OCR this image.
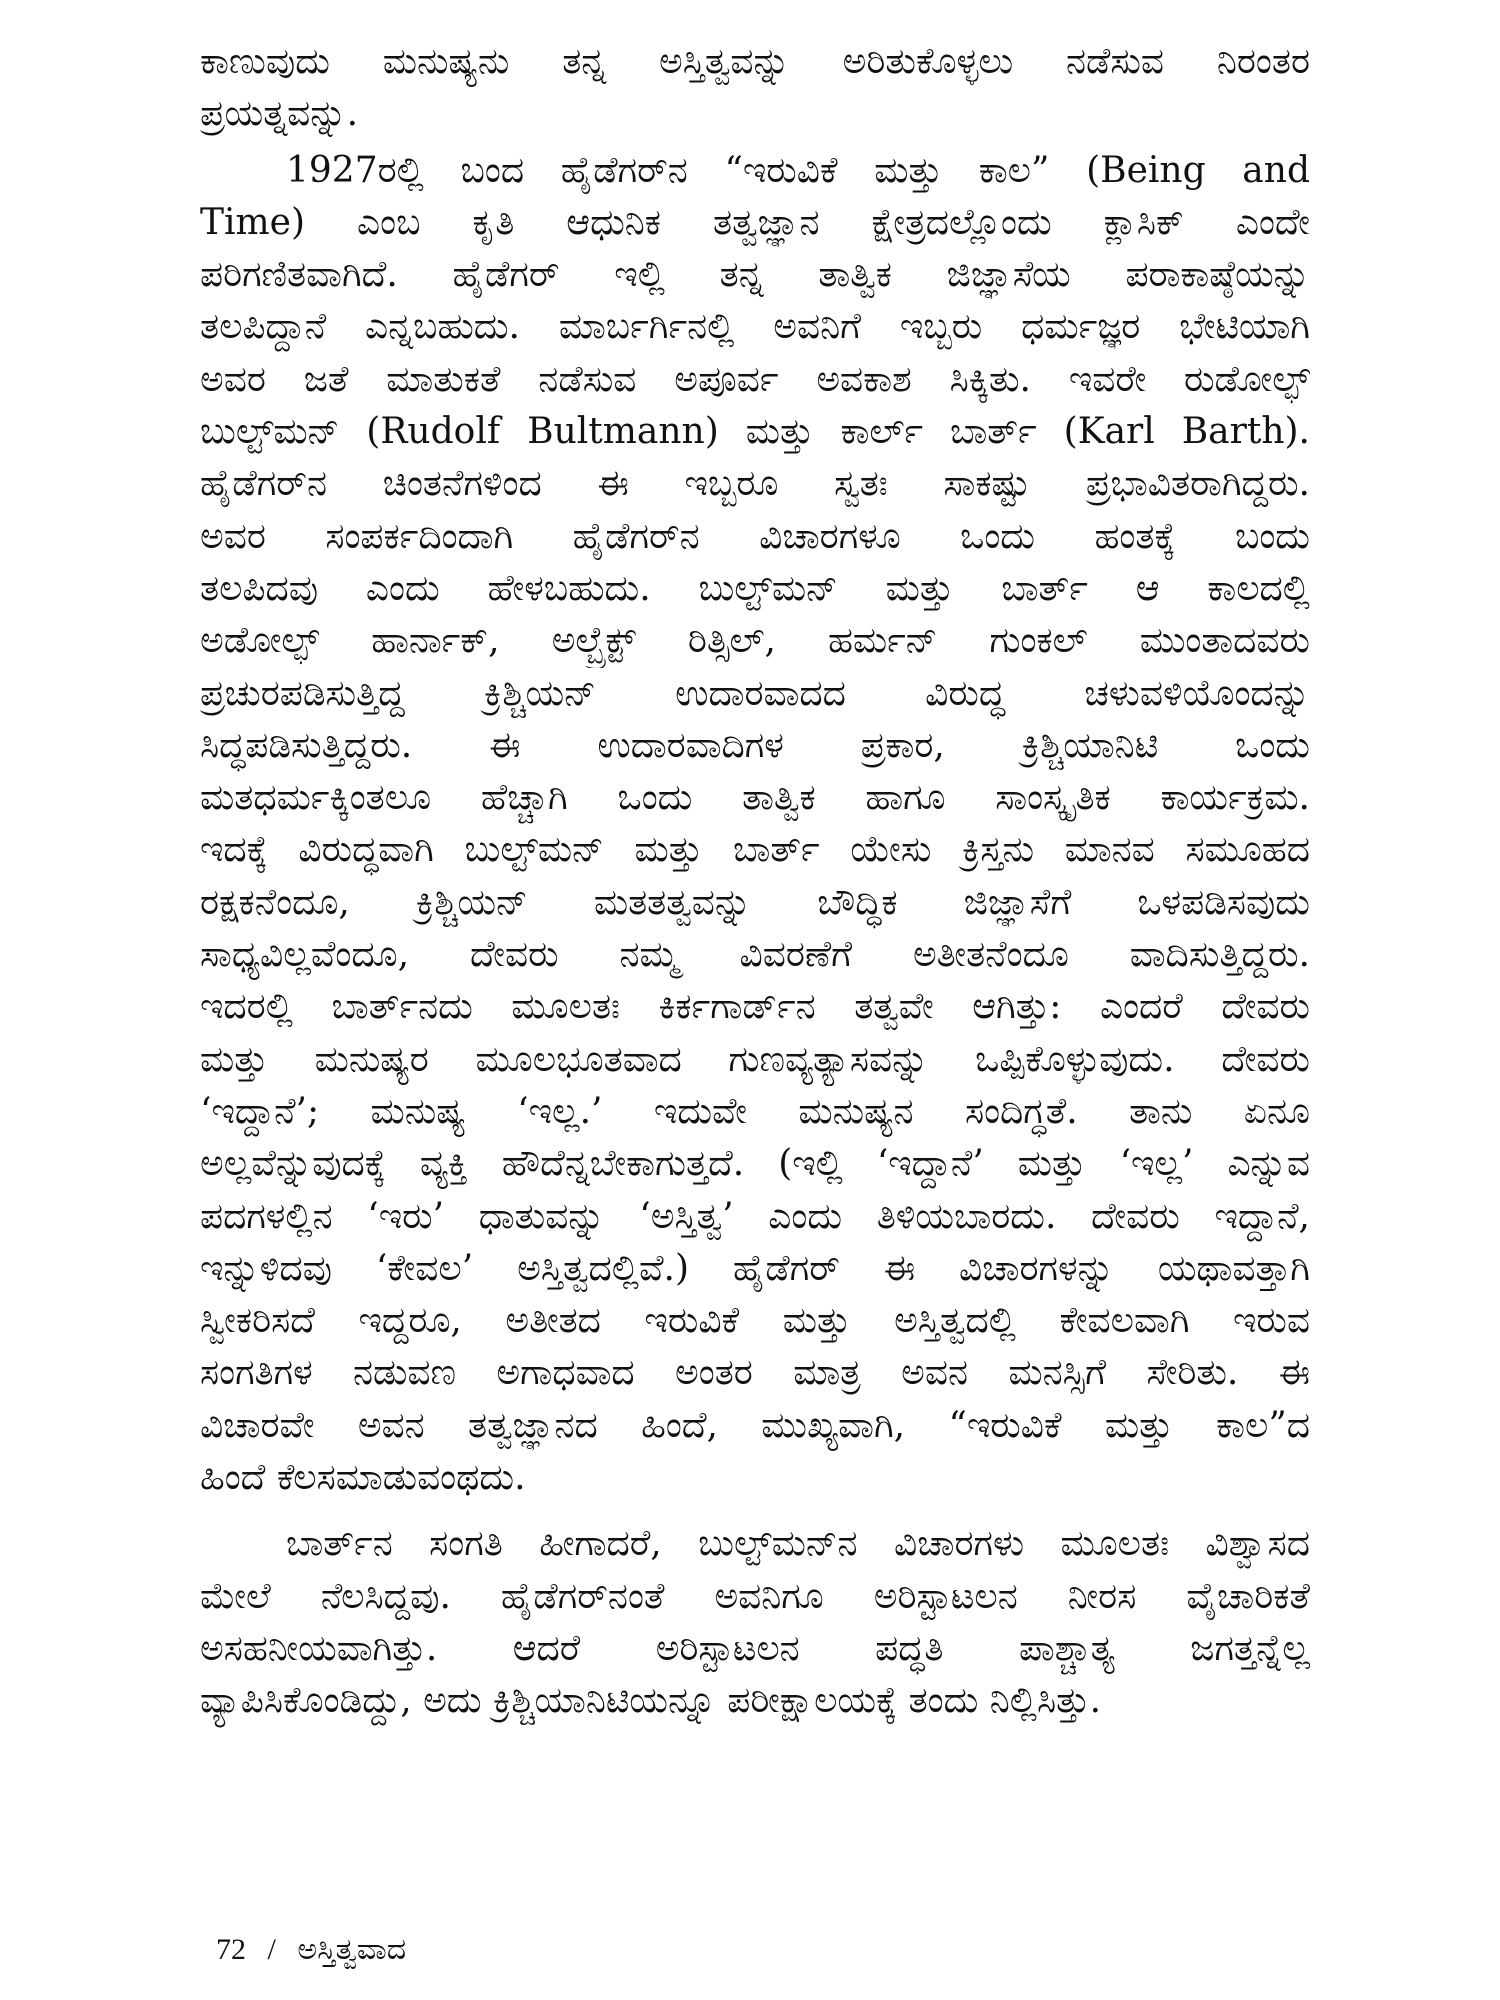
ಕಾಣುವುದು ಮನುಷ್ಯನು ತನ್ನ ಅಸ್ತಿತ್ವವನ್ನು ಅರಿತುಕೊಳ್ಳಲು ನಡೆಸುವ ನಿರಂತರ
ಪ್ರಯತ್ನವನ್ನು.

1927ರಲ್ಲಿ ಬಂದ ಹೈಡೆಗರ್‌ನ “ಇರುವಿಕೆ ಮತ್ತು ಕಾಲ” (Being and
Time) ಎಂಬ ಕೃತಿ ಆಧುನಿಕ ತತ್ವಜ್ಞಾನ ಕ್ಷೇತ್ರದಲ್ಲೊಂದು ಕ್ಲಾಸಿಕ್ ಎಂದೇ
ಪರಿಗಣಿತವಾಗಿದೆ. ಹೈಡೆಗರ್ ಇಲ್ಲಿ ತನ್ನ ತಾತ್ವಿಕ ಜಿಜ್ಞಾಸೆಯ ಪರಾಕಾಷ್ಠೆಯನ್ನು
ತಲಪಿದ್ದಾನೆ ಎನ್ನಬಹುದು. ಮಾರ್ಬರ್ಗಿನಲ್ಲಿ ಅವನಿಗೆ ಇಬ್ಬರು ಧರ್ಮಜ್ಞರ ಭೇಟಿಯಾಗಿ
ಅವರ ಜತೆ ಮಾತುಕತೆ ನಡೆಸುವ ಅಪೂರ್ವ ಅವಕಾಶ ಸಿಕ್ಕಿತು. ಇವರೇ ರುಡೋಲ್ಫ್
ಬುಲ್ಟ್‌ಮನ್ (Rudolf Bultmann) ಮತ್ತು ಕಾರ್ಲ್ ಬಾರ್ತ್ (Karl Barth).
ಹೈಡೆಗರ್‌ನ ಚಿಂತನೆಗಳಿಂದ ಈ ಇಬ್ಬರೂ ಸ್ವತಃ ಸಾಕಷ್ಟು ಪ್ರಭಾವಿತರಾಗಿದ್ದರು.
ಅವರ ಸಂಪರ್ಕದಿಂದಾಗಿ ಹೈಡೆಗರ್‌ನ ವಿಚಾರಗಳೂ ಒಂದು ಹಂತಕ್ಕೆ ಬಂದು
ತಲಪಿದವು ಎಂದು ಹೇಳಬಹುದು. ಬುಲ್ಟ್‌ಮನ್ ಮತ್ತು ಬಾರ್ತ್ ಆ ಕಾಲದಲ್ಲಿ
ಅಡೋಲ್ಫ್ ಹಾರ್ನಾಕ್, ಅಲ್ಬ್ರೆಕ್ಟ್ ರಿತ್ಸಿಲ್, ಹರ್ಮನ್ ಗುಂಕಲ್ ಮುಂತಾದವರು
ಪ್ರಚುರಪಡಿಸುತ್ತಿದ್ದ ಕ್ರಿಶ್ಚಿಯನ್ ಉದಾರವಾದದ ವಿರುದ್ಧ ಚಳುವಳಿಯೊಂದನ್ನು
ಸಿದ್ಧಪಡಿಸುತ್ತಿದ್ದರು. ಈ ಉದಾರವಾದಿಗಳ ಪ್ರಕಾರ, ಕ್ರಿಶ್ಚಿಯಾನಿಟಿ ಒಂದು
ಮತಧರ್ಮಕ್ಕಿಂತಲೂ ಹೆಚ್ಚಾಗಿ ಒಂದು ತಾತ್ವಿಕ ಹಾಗೂ ಸಾಂಸ್ಕೃತಿಕ ಕಾರ್ಯಕ್ರಮ.
ಇದಕ್ಕೆ ವಿರುದ್ಧವಾಗಿ ಬುಲ್ಟ್‌ಮನ್ ಮತ್ತು ಬಾರ್ತ್ ಯೇಸು ಕ್ರಿಸ್ತನು ಮಾನವ ಸಮೂಹದ
ರಕ್ಷಕನೆಂದೂ, ಕ್ರಿಶ್ಚಿಯನ್ ಮತತತ್ವವನ್ನು ಬೌದ್ಧಿಕ ಜಿಜ್ಞಾಸೆಗೆ ಒಳಪಡಿಸವುದು
ಸಾಧ್ಯವಿಲ್ಲವೆಂದೂ, ದೇವರು ನಮ್ಮ ವಿವರಣೆಗೆ ಅತೀತನೆಂದೂ ವಾದಿಸುತ್ತಿದ್ದರು.
ಇದರಲ್ಲಿ ಬಾರ್ತ್‌ನದು ಮೂಲತಃ ಕಿರ್ಕಗಾರ್ಡ್‌ನ ತತ್ವವೇ ಆಗಿತ್ತು: ಎಂದರೆ ದೇವರು
ಮತ್ತು ಮನುಷ್ಯರ ಮೂಲಭೂತವಾದ ಗುಣವ್ಯತ್ಯಾಸವನ್ನು ಒಪ್ಪಿಕೊಳ್ಳುವುದು. ದೇವರು
‘ಇದ್ದಾನೆ’; ಮನುಷ್ಯ ‘ಇಲ್ಲ.’ ಇದುವೇ ಮನುಷ್ಯನ ಸಂದಿಗ್ಧತೆ. ತಾನು ಏನೂ
ಅಲ್ಲವೆನ್ನುವುದಕ್ಕೆ ವ್ಯಕ್ತಿ ಹೌದೆನ್ನಬೇಕಾಗುತ್ತದೆ. (ಇಲ್ಲಿ ‘ಇದ್ದಾನೆ’ ಮತ್ತು ‘ಇಲ್ಲ’ ಎನ್ನುವ
ಪದಗಳಲ್ಲಿನ ‘ಇರು’ ಧಾತುವನ್ನು ‘ಅಸ್ತಿತ್ವ’ ಎಂದು ತಿಳಿಯಬಾರದು. ದೇವರು ಇದ್ದಾನೆ,
ಇನ್ನುಳಿದವು ‘ಕೇವಲ’ ಅಸ್ತಿತ್ವದಲ್ಲಿವೆ.) ಹೈಡೆಗರ್ ಈ ವಿಚಾರಗಳನ್ನು ಯಥಾವತ್ತಾಗಿ
ಸ್ವೀಕರಿಸದೆ ಇದ್ದರೂ, ಅತೀತದ ಇರುವಿಕೆ ಮತ್ತು ಅಸ್ತಿತ್ವದಲ್ಲಿ ಕೇವಲವಾಗಿ ಇರುವ
ಸಂಗತಿಗಳ ನಡುವಣ ಅಗಾಧವಾದ ಅಂತರ ಮಾತ್ರ ಅವನ ಮನಸ್ಸಿಗೆ ಸೇರಿತು. ಈ
ವಿಚಾರವೇ ಅವನ ತತ್ವಜ್ಞಾನದ ಹಿಂದೆ, ಮುಖ್ಯವಾಗಿ, “ಇರುವಿಕೆ ಮತ್ತು ಕಾಲ”ದ
ಹಿಂದೆ ಕೆಲಸಮಾಡುವಂಥದು.

ಬಾರ್ತ್‌ನ ಸಂಗತಿ ಹೀಗಾದರೆ, ಬುಲ್ಟ್‌ಮನ್‌ನ ವಿಚಾರಗಳು ಮೂಲತಃ ವಿಶ್ವಾಸದ
ಮೇಲೆ ನೆಲಸಿದ್ದವು. ಹೈಡೆಗರ್‌ನಂತೆ ಅವನಿಗೂ ಅರಿಸ್ಟಾಟಲನ ನೀರಸ ವೈಚಾರಿಕತೆ
ಅಸಹನೀಯವಾಗಿತ್ತು. ಆದರೆ ಅರಿಸ್ಟಾಟಲನ ಪದ್ಧತಿ ಪಾಶ್ಚಾತ್ಯ ಜಗತ್ತನ್ನೆಲ್ಲ
ವ್ಯಾಪಿಸಿಕೊಂಡಿದ್ದು, ಅದು ಕ್ರಿಶ್ಚಿಯಾನಿಟಿಯನ್ನೂ ಪರೀಕ್ಷಾಲಯಕ್ಕೆ ತಂದು ನಿಲ್ಲಿಸಿತ್ತು.

72 / ಅಸ್ತಿತ್ವವಾದ
